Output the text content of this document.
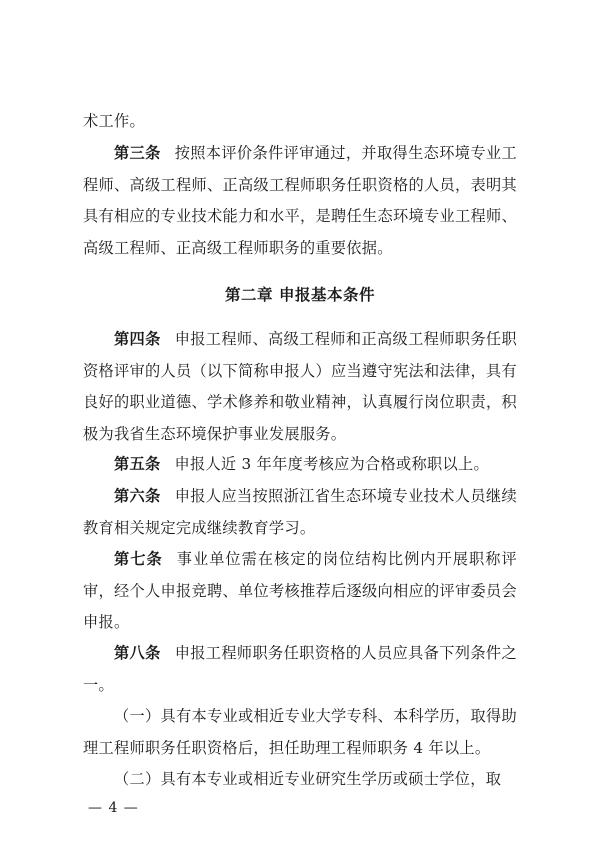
术工作。

第三条 按照本评价条件评审通过，并取得生态环境专业工程师、高级工程师、正高级工程师职务任职资格的人员，表明其具有相应的专业技术能力和水平，是聘任生态环境专业工程师、高级工程师、正高级工程师职务的重要依据。

第二章 申报基本条件

第四条 申报工程师、高级工程师和正高级工程师职务任职资格评审的人员（以下简称申报人）应当遵守宪法和法律，具有良好的职业道德、学术修养和敬业精神，认真履行岗位职责，积极为我省生态环境保护事业发展服务。

第五条 申报人近 3 年年度考核应为合格或称职以上。

第六条 申报人应当按照浙江省生态环境专业技术人员继续教育相关规定完成继续教育学习。

第七条 事业单位需在核定的岗位结构比例内开展职称评审，经个人申报竞聘、单位考核推荐后逐级向相应的评审委员会申报。

第八条 申报工程师职务任职资格的人员应具备下列条件之一。

（一）具有本专业或相近专业大学专科、本科学历，取得助理工程师职务任职资格后，担任助理工程师职务 4 年以上。

（二）具有本专业或相近专业研究生学历或硕士学位，取

— 4 —
